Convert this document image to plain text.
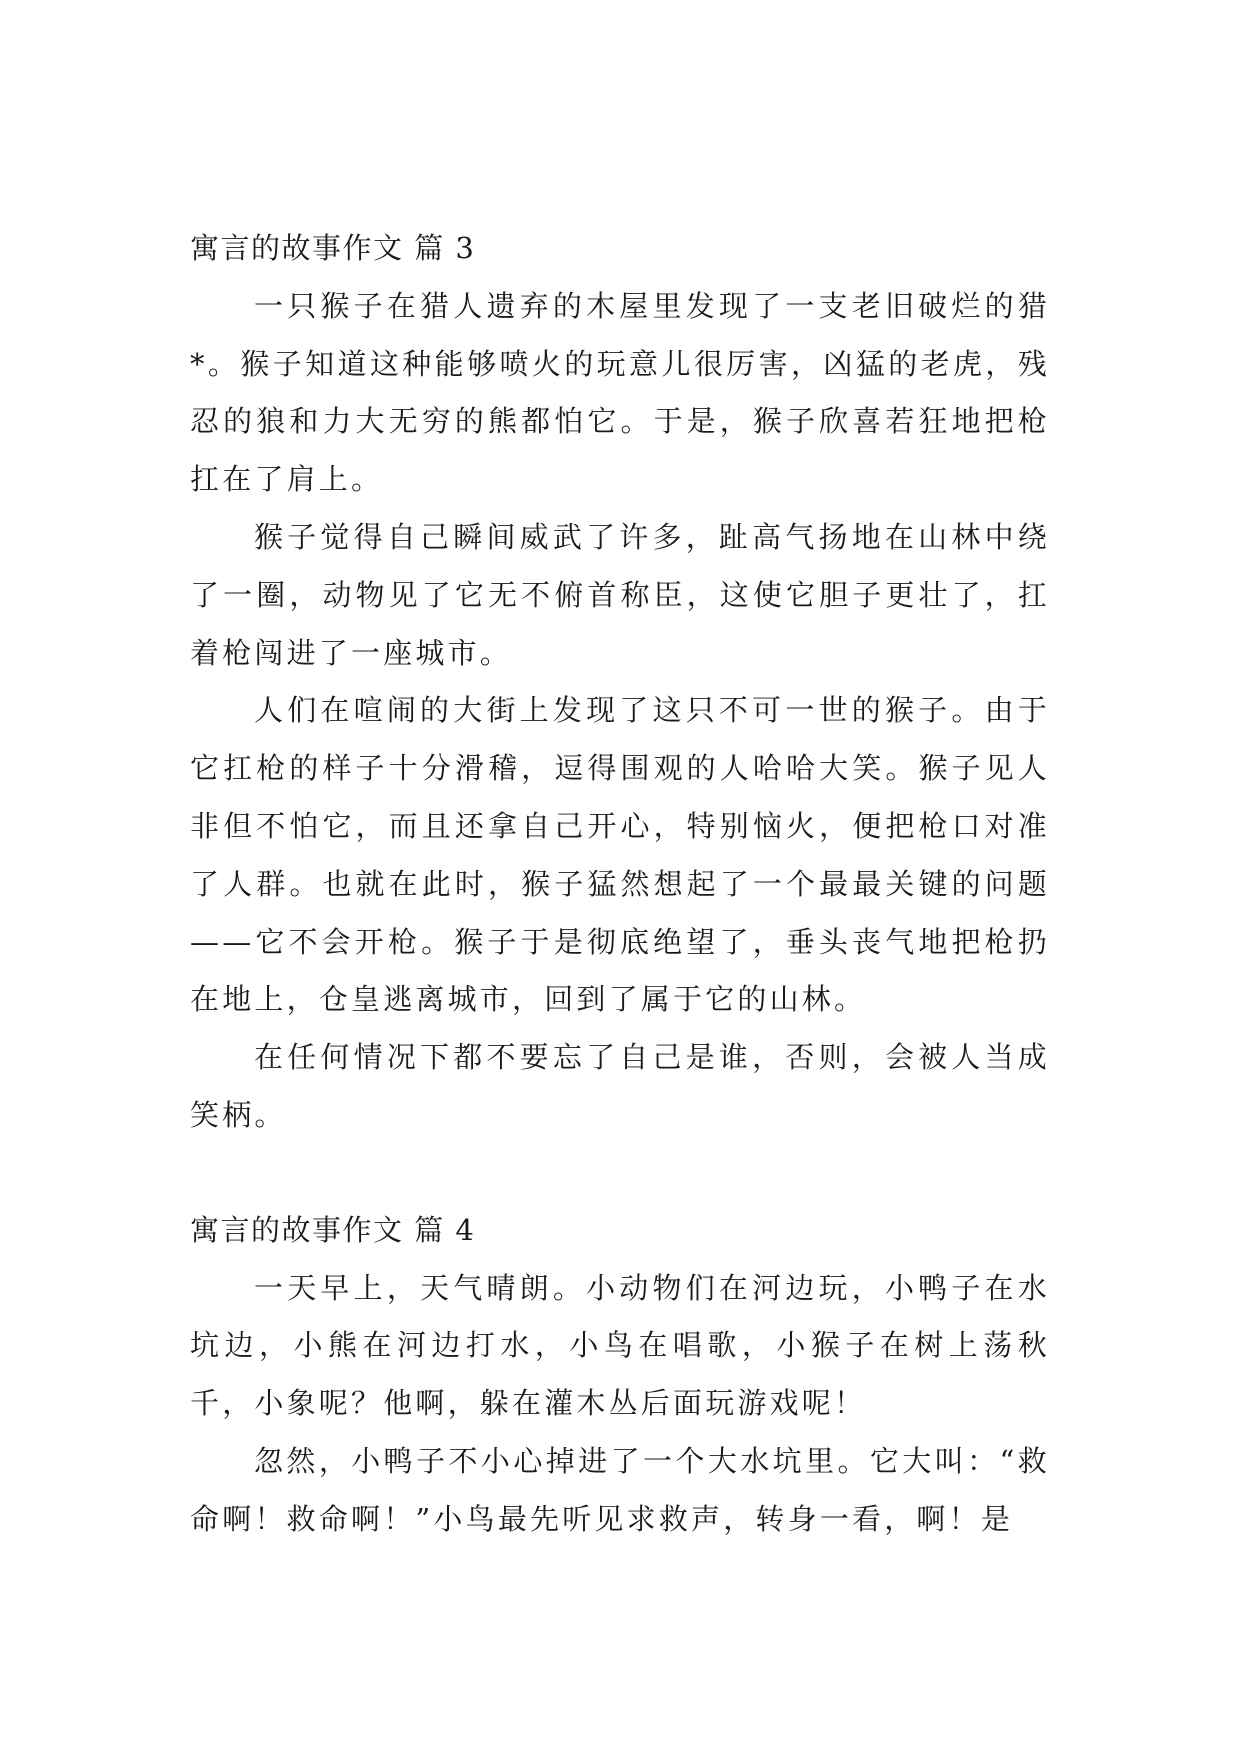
寓言的故事作文 篇 3

一只猴子在猎人遗弃的木屋里发现了一支老旧破烂的猎*。猴子知道这种能够喷火的玩意儿很厉害，凶猛的老虎，残忍的狼和力大无穷的熊都怕它。于是，猴子欣喜若狂地把枪扛在了肩上。

猴子觉得自己瞬间威武了许多，趾高气扬地在山林中绕了一圈，动物见了它无不俯首称臣，这使它胆子更壮了，扛着枪闯进了一座城市。

人们在喧闹的大街上发现了这只不可一世的猴子。由于它扛枪的样子十分滑稽，逗得围观的人哈哈大笑。猴子见人非但不怕它，而且还拿自己开心，特别恼火，便把枪口对准了人群。也就在此时，猴子猛然想起了一个最最关键的问题——它不会开枪。猴子于是彻底绝望了，垂头丧气地把枪扔在地上，仓皇逃离城市，回到了属于它的山林。

在任何情况下都不要忘了自己是谁，否则，会被人当成笑柄。

寓言的故事作文 篇 4

一天早上，天气晴朗。小动物们在河边玩，小鸭子在水坑边，小熊在河边打水，小鸟在唱歌，小猴子在树上荡秋千，小象呢？他啊，躲在灌木丛后面玩游戏呢！

忽然，小鸭子不小心掉进了一个大水坑里。它大叫：“救命啊！救命啊！”小鸟最先听见求救声，转身一看，啊！是
